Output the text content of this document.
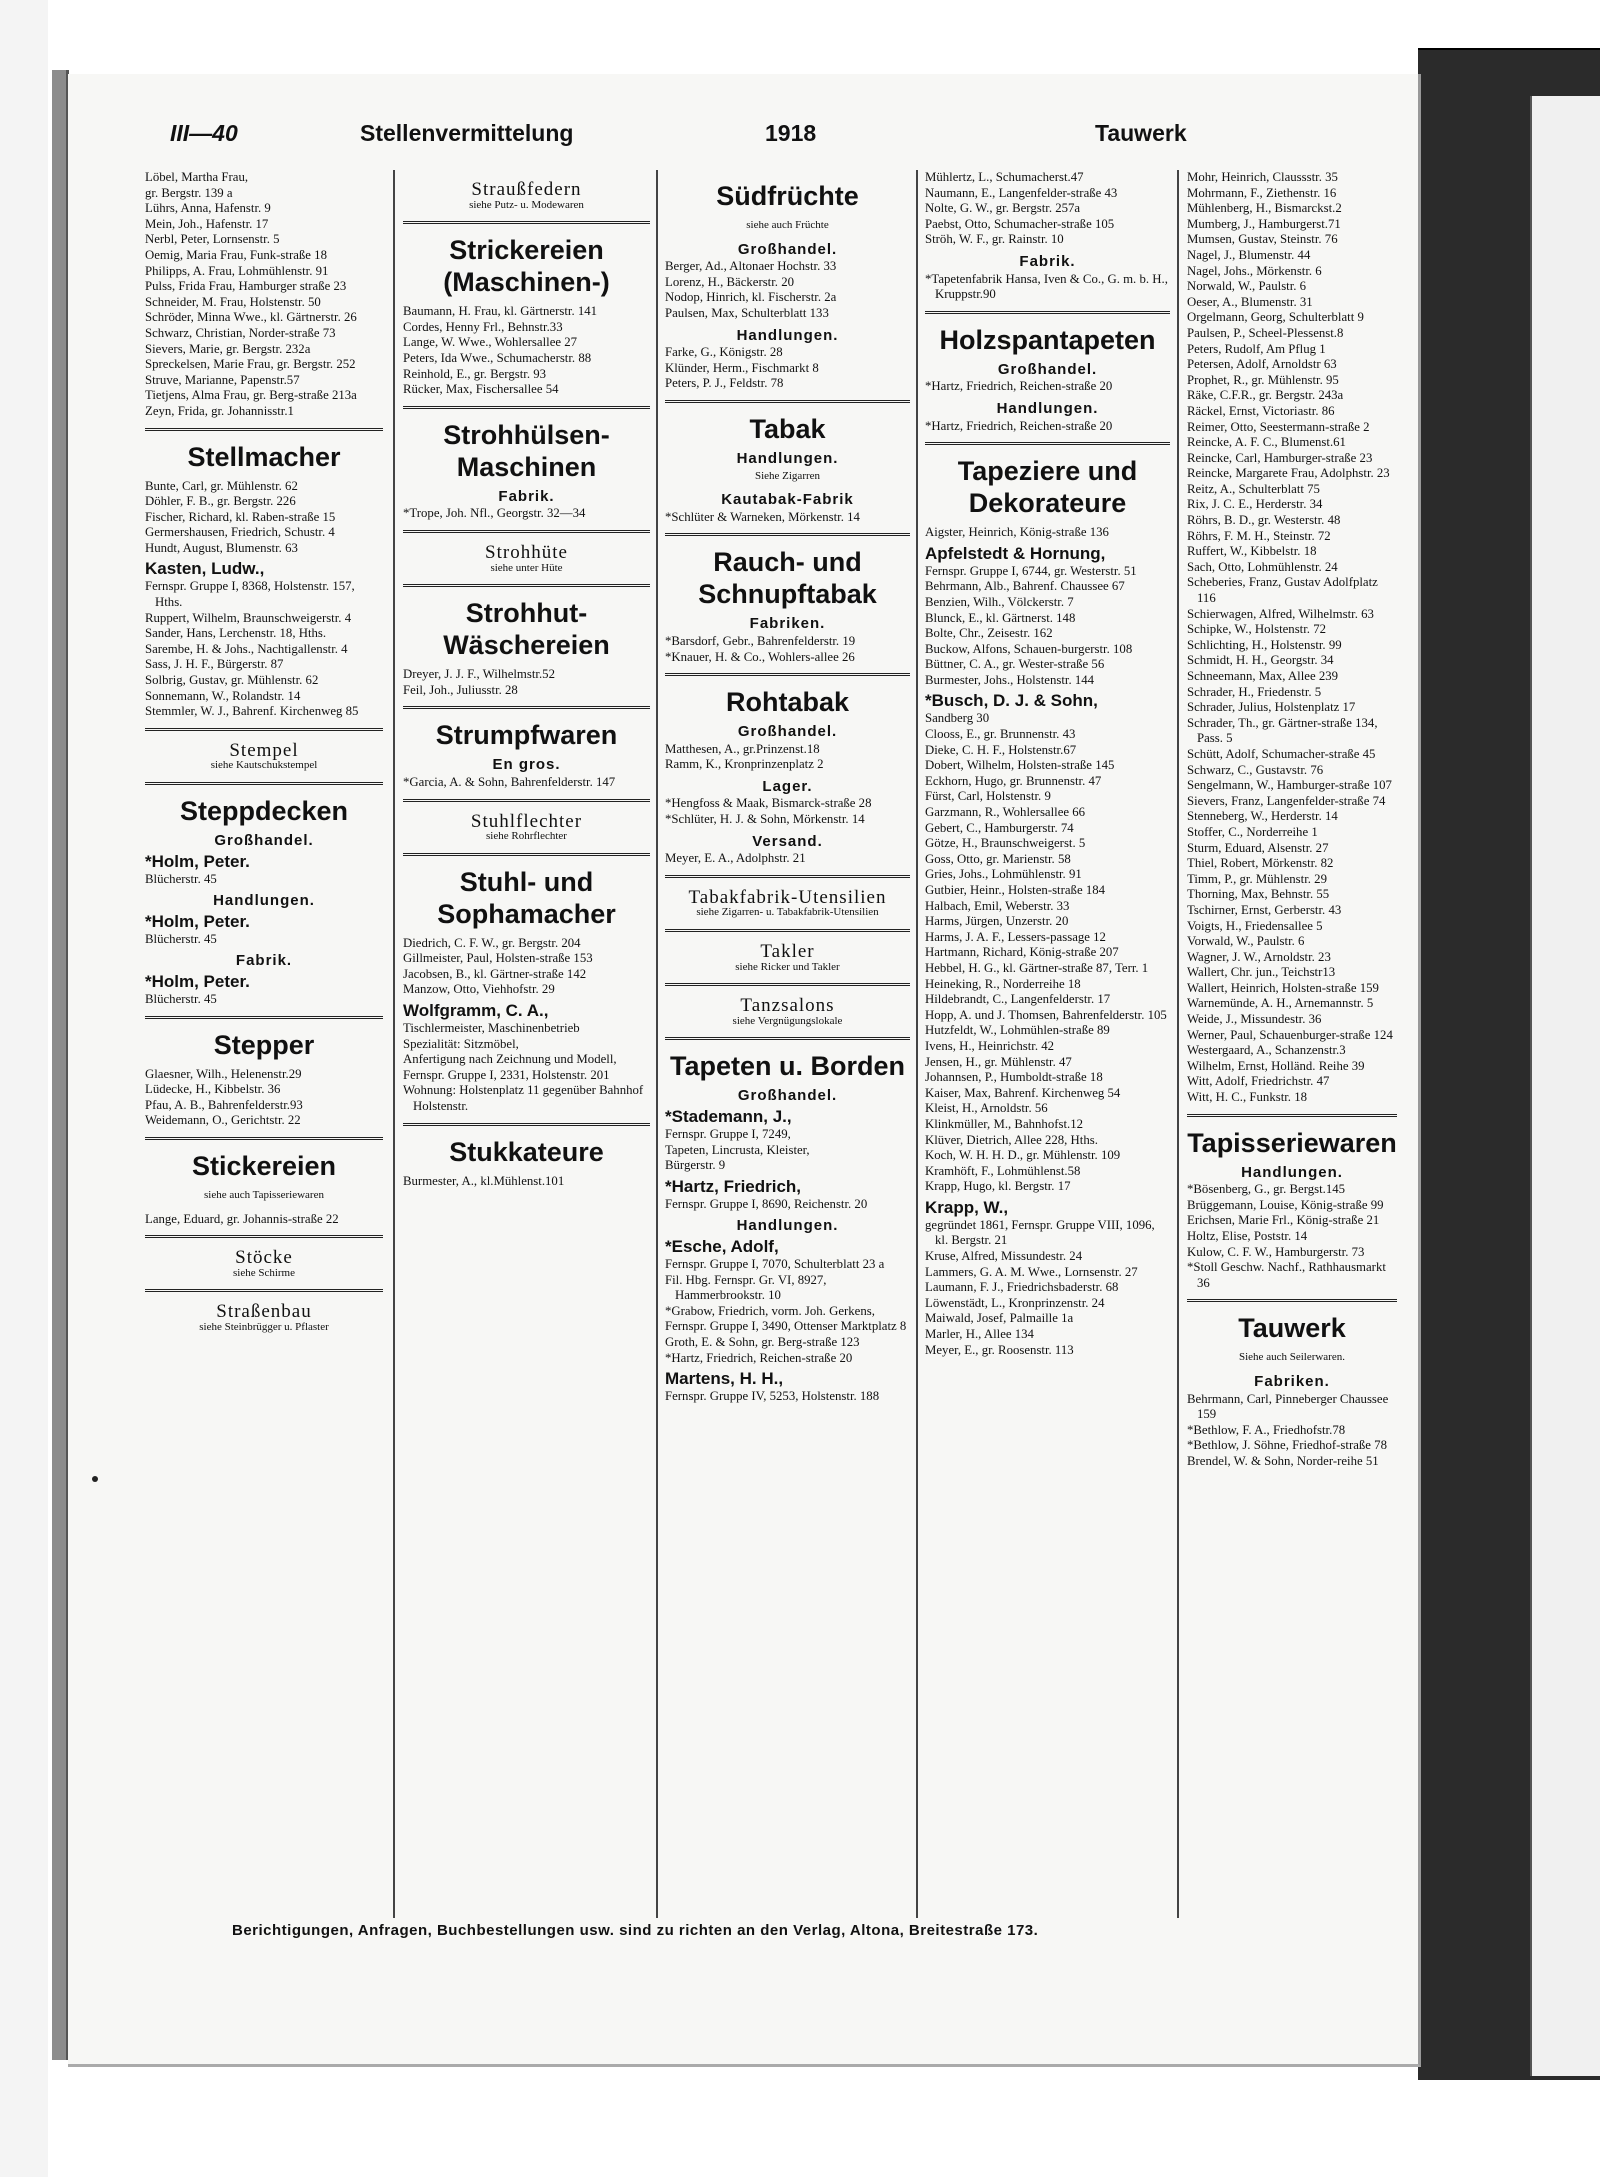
III—40	Stellenvermittelung	1918	Tauwerk
Löbel, Martha Frau,
gr. Bergstr. 139 a
Lührs, Anna, Hafenstr. 9
Mein, Joh., Hafenstr. 17
Nerbl, Peter, Lornsenstr. 5
Oemig, Maria Frau, Funk-straße 18
Philipps, A. Frau, Lohmühlenstr. 91
Pulss, Frida Frau, Hamburger straße 23
Schneider, M. Frau, Holstenstr. 50
Schröder, Minna Wwe., kl. Gärtnerstr. 26
Schwarz, Christian, Norder-straße 73
Sievers, Marie, gr. Bergstr. 232a
Spreckelsen, Marie Frau, gr. Bergstr. 252
Struve, Marianne, Papenstr.57
Tietjens, Alma Frau, gr. Berg-straße 213a
Zeyn, Frida, gr. Johannisstr.1
Stellmacher
Bunte, Carl, gr. Mühlenstr. 62
Döhler, F. B., gr. Bergstr. 226
Fischer, Richard, kl. Raben-straße 15
Germershausen, Friedrich, Schustr. 4
Hundt, August, Blumenstr. 63
Kasten, Ludw.,
Fernspr. Gruppe I, 8368, Holstenstr. 157, Hths.
Ruppert, Wilhelm, Braunschweigerstr. 4
Sander, Hans, Lerchenstr. 18, Hths.
Sarembe, H. & Johs., Nachtigallenstr. 4
Sass, J. H. F., Bürgerstr. 87
Solbrig, Gustav, gr. Mühlenstr. 62
Sonnemann, W., Rolandstr. 14
Stemmler, W. J., Bahrenf. Kirchenweg 85
Stempel
siehe Kautschukstempel
Steppdecken
Großhandel.
*Holm, Peter.
Blücherstr. 45
Handlungen.
*Holm, Peter.
Blücherstr. 45
Fabrik.
*Holm, Peter.
Blücherstr. 45
Stepper
Glaesner, Wilh., Helenenstr.29
Lüdecke, H., Kibbelstr. 36
Pfau, A. B., Bahrenfelderstr.93
Weidemann, O., Gerichtstr. 22
Stickereien
siehe auch Tapisseriewaren
Lange, Eduard, gr. Johannis-straße 22
Stöcke
siehe Schirme
Straßenbau
siehe Steinbrügger u. Pflaster
Straußfedern
siehe Putz- u. Modewaren
Strickereien (Maschinen-)
Baumann, H. Frau, kl. Gärtnerstr. 141
Cordes, Henny Frl., Behnstr.33
Lange, W. Wwe., Wohlersallee 27
Peters, Ida Wwe., Schumacherstr. 88
Reinhold, E., gr. Bergstr. 93
Rücker, Max, Fischersallee 54
Strohhülsen-Maschinen
Fabrik.
*Trope, Joh. Nfl., Georgstr. 32—34
Strohhüte
siehe unter Hüte
Strohhut-Wäschereien
Dreyer, J. J. F., Wilhelmstr.52
Feil, Joh., Juliusstr. 28
Strumpfwaren
En gros.
*Garcia, A. & Sohn, Bahrenfelderstr. 147
Stuhlflechter
siehe Rohrflechter
Stuhl- und Sophamacher
Diedrich, C. F. W., gr. Bergstr. 204
Gillmeister, Paul, Holsten-straße 153
Jacobsen, B., kl. Gärtner-straße 142
Manzow, Otto, Viehhofstr. 29
Wolfgramm, C. A.,
Tischlermeister, Maschinenbetrieb
Spezialität: Sitzmöbel,
Anfertigung nach Zeichnung und Modell,
Fernspr. Gruppe I, 2331, Holstenstr. 201
Wohnung: Holstenplatz 11 gegenüber Bahnhof Holstenstr.
Stukkateure
Burmester, A., kl.Mühlenst.101
Südfrüchte
siehe auch Früchte
Großhandel.
Berger, Ad., Altonaer Hochstr. 33
Lorenz, H., Bäckerstr. 20
Nodop, Hinrich, kl. Fischerstr. 2a
Paulsen, Max, Schulterblatt 133
Handlungen.
Farke, G., Königstr. 28
Klünder, Herm., Fischmarkt 8
Peters, P. J., Feldstr. 78
Tabak
Handlungen.
Siehe Zigarren
Kautabak-Fabrik
*Schlüter & Warneken, Mörkenstr. 14
Rauch- und Schnupftabak
Fabriken.
*Barsdorf, Gebr., Bahrenfelderstr. 19
*Knauer, H. & Co., Wohlers-allee 26
Rohtabak
Großhandel.
Matthesen, A., gr.Prinzenst.18
Ramm, K., Kronprinzenplatz 2
Lager.
*Hengfoss & Maak, Bismarck-straße 28
*Schlüter, H. J. & Sohn, Mörkenstr. 14
Versand.
Meyer, E. A., Adolphstr. 21
Tabakfabrik-Utensilien
siehe Zigarren- u. Tabakfabrik-Utensilien
Takler
siehe Ricker und Takler
Tanzsalons
siehe Vergnügungslokale
Tapeten u. Borden
Großhandel.
*Stademann, J.,
Fernspr. Gruppe I, 7249,
Tapeten, Lincrusta, Kleister,
Bürgerstr. 9
*Hartz, Friedrich,
Fernspr. Gruppe I, 8690, Reichenstr. 20
Handlungen.
*Esche, Adolf,
Fernspr. Gruppe I, 7070, Schulterblatt 23 a
Fil. Hbg. Fernspr. Gr. VI, 8927, Hammerbrookstr. 10
*Grabow, Friedrich, vorm. Joh. Gerkens,
Fernspr. Gruppe I, 3490, Ottenser Marktplatz 8
Groth, E. & Sohn, gr. Berg-straße 123
*Hartz, Friedrich, Reichen-straße 20
Martens, H. H.,
Fernspr. Gruppe IV, 5253, Holstenstr. 188
Mühlertz, L., Schumacherst.47
Naumann, E., Langenfelder-straße 43
Nolte, G. W., gr. Bergstr. 257a
Paebst, Otto, Schumacher-straße 105
Ströh, W. F., gr. Rainstr. 10
Fabrik.
*Tapetenfabrik Hansa, Iven & Co., G. m. b. H., Kruppstr.90
Holzspantapeten
Großhandel.
*Hartz, Friedrich, Reichen-straße 20
Handlungen.
*Hartz, Friedrich, Reichen-straße 20
Tapeziere und Dekorateure
Aigster, Heinrich, König-straße 136
Apfelstedt & Hornung,
Fernspr. Gruppe I, 6744, gr. Westerstr. 51
Behrmann, Alb., Bahrenf. Chaussee 67
Benzien, Wilh., Völckerstr. 7
Blunck, E., kl. Gärtnerst. 148
Bolte, Chr., Zeisestr. 162
Buckow, Alfons, Schauen-burgerstr. 108
Büttner, C. A., gr. Wester-straße 56
Burmester, Johs., Holstenstr. 144
*Busch, D. J. & Sohn,
Sandberg 30
Clooss, E., gr. Brunnenstr. 43
Dieke, C. H. F., Holstenstr.67
Dobert, Wilhelm, Holsten-straße 145
Eckhorn, Hugo, gr. Brunnenstr. 47
Fürst, Carl, Holstenstr. 9
Garzmann, R., Wohlersallee 66
Gebert, C., Hamburgerstr. 74
Götze, H., Braunschweigerst. 5
Goss, Otto, gr. Marienstr. 58
Gries, Johs., Lohmühlenstr. 91
Gutbier, Heinr., Holsten-straße 184
Halbach, Emil, Weberstr. 33
Harms, Jürgen, Unzerstr. 20
Harms, J. A. F., Lessers-passage 12
Hartmann, Richard, König-straße 207
Hebbel, H. G., kl. Gärtner-straße 87, Terr. 1
Heineking, R., Norderreihe 18
Hildebrandt, C., Langenfelderstr. 17
Hopp, A. und J. Thomsen, Bahrenfelderstr. 105
Hutzfeldt, W., Lohmühlen-straße 89
Ivens, H., Heinrichstr. 42
Jensen, H., gr. Mühlenstr. 47
Johannsen, P., Humboldt-straße 18
Kaiser, Max, Bahrenf. Kirchenweg 54
Kleist, H., Arnoldstr. 56
Klinkmüller, M., Bahnhofst.12
Klüver, Dietrich, Allee 228, Hths.
Koch, W. H. H. D., gr. Mühlenstr. 109
Kramhöft, F., Lohmühlenst.58
Krapp, Hugo, kl. Bergstr. 17
Krapp, W.,
gegründet 1861, Fernspr. Gruppe VIII, 1096, kl. Bergstr. 21
Kruse, Alfred, Missundestr. 24
Lammers, G. A. M. Wwe., Lornsenstr. 27
Laumann, F. J., Friedrichsbaderstr. 68
Löwenstädt, L., Kronprinzenstr. 24
Maiwald, Josef, Palmaille 1a
Marler, H., Allee 134
Meyer, E., gr. Roosenstr. 113
Mohr, Heinrich, Claussstr. 35
Mohrmann, F., Ziethenstr. 16
Mühlenberg, H., Bismarckst.2
Mumberg, J., Hamburgerst.71
Mumsen, Gustav, Steinstr. 76
Nagel, J., Blumenstr. 44
Nagel, Johs., Mörkenstr. 6
Norwald, W., Paulstr. 6
Oeser, A., Blumenstr. 31
Orgelmann, Georg, Schulterblatt 9
Paulsen, P., Scheel-Plessenst.8
Peters, Rudolf, Am Pflug 1
Petersen, Adolf, Arnoldstr 63
Prophet, R., gr. Mühlenstr. 95
Räke, C.F.R., gr. Bergstr. 243a
Räckel, Ernst, Victoriastr. 86
Reimer, Otto, Seestermann-straße 2
Reincke, A. F. C., Blumenst.61
Reincke, Carl, Hamburger-straße 23
Reincke, Margarete Frau, Adolphstr. 23
Reitz, A., Schulterblatt 75
Rix, J. C. E., Herderstr. 34
Röhrs, B. D., gr. Westerstr. 48
Röhrs, F. M. H., Steinstr. 72
Ruffert, W., Kibbelstr. 18
Sach, Otto, Lohmühlenstr. 24
Scheberies, Franz, Gustav Adolfplatz 116
Schierwagen, Alfred, Wilhelmstr. 63
Schipke, W., Holstenstr. 72
Schlichting, H., Holstenstr. 99
Schmidt, H. H., Georgstr. 34
Schneemann, Max, Allee 239
Schrader, H., Friedenstr. 5
Schrader, Julius, Holstenplatz 17
Schrader, Th., gr. Gärtner-straße 134, Pass. 5
Schütt, Adolf, Schumacher-straße 45
Schwarz, C., Gustavstr. 76
Sengelmann, W., Hamburger-straße 107
Sievers, Franz, Langenfelder-straße 74
Stenneberg, W., Herderstr. 14
Stoffer, C., Norderreihe 1
Sturm, Eduard, Alsenstr. 27
Thiel, Robert, Mörkenstr. 82
Timm, P., gr. Mühlenstr. 29
Thorning, Max, Behnstr. 55
Tschirner, Ernst, Gerberstr. 43
Voigts, H., Friedensallee 5
Vorwald, W., Paulstr. 6
Wagner, J. W., Arnoldstr. 23
Wallert, Chr. jun., Teichstr13
Wallert, Heinrich, Holsten-straße 159
Warnemünde, A. H., Arnemannstr. 5
Weide, J., Missundestr. 36
Werner, Paul, Schauenburger-straße 124
Westergaard, A., Schanzenstr.3
Wilhelm, Ernst, Holländ. Reihe 39
Witt, Adolf, Friedrichstr. 47
Witt, H. C., Funkstr. 18
Tapisseriewaren
Handlungen.
*Bösenberg, G., gr. Bergst.145
Brüggemann, Louise, König-straße 99
Erichsen, Marie Frl., König-straße 21
Holtz, Elise, Poststr. 14
Kulow, C. F. W., Hamburgerstr. 73
*Stoll Geschw. Nachf., Rathhausmarkt 36
Tauwerk
Siehe auch Seilerwaren.
Fabriken.
Behrmann, Carl, Pinneberger Chaussee 159
*Bethlow, F. A., Friedhofstr.78
*Bethlow, J. Söhne, Friedhof-straße 78
Brendel, W. & Sohn, Norder-reihe 51
Berichtigungen, Anfragen, Buchbestellungen usw. sind zu richten an den Verlag, Altona, Breitestraße 173.
